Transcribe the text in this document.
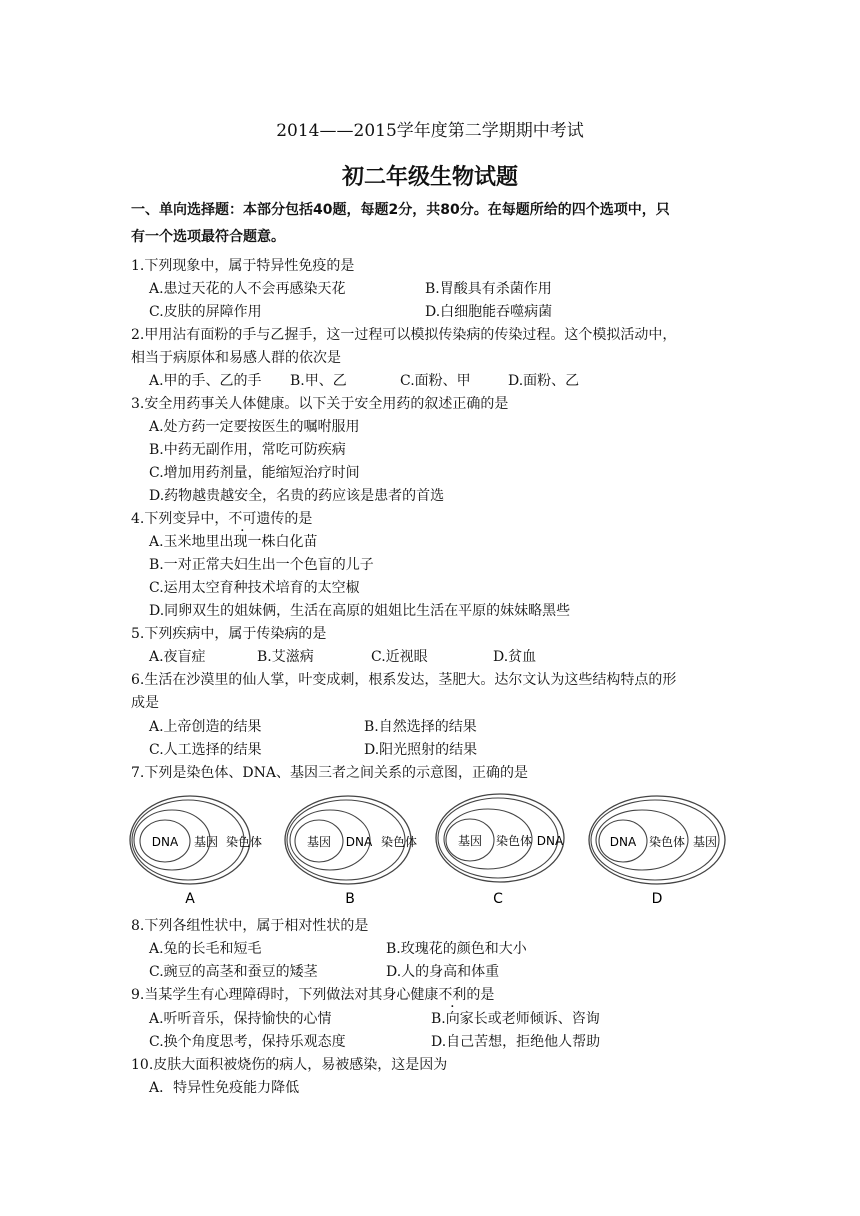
2014——2015学年度第二学期期中考试
初二年级生物试题
一、单向选择题：本部分包括40题，每题2分，共80分。在每题所给的四个选项中，只
有一个选项最符合题意。
1.下列现象中，属于特异性免疫的是
A.患过天花的人不会再感染天花	B.胃酸具有杀菌作用
C.皮肤的屏障作用	D.白细胞能吞噬病菌
2.甲用沾有面粉的手与乙握手，这一过程可以模拟传染病的传染过程。这个模拟活动中，
相当于病原体和易感人群的依次是
A.甲的手、乙的手 B.甲、乙	C.面粉、甲	D.面粉、乙
3.安全用药事关人体健康。以下关于安全用药的叙述正确的是
A.处方药一定要按医生的嘱咐服用
B.中药无副作用，常吃可防疾病
C.增加用药剂量，能缩短治疗时间
D.药物越贵越安全，名贵的药应该是患者的首选
4.下列变异中，不可遗传的是
A.玉米地里出现一株白化苗
B.一对正常夫妇生出一个色盲的儿子
C.运用太空育种技术培育的太空椒
D.同卵双生的姐妹俩，生活在高原的姐姐比生活在平原的妹妹略黑些
5.下列疾病中，属于传染病的是
A.夜盲症	B.艾滋病	C.近视眼	D.贫血
6.生活在沙漠里的仙人掌，叶变成刺，根系发达，茎肥大。达尔文认为这些结构特点的形
成是
A.上帝创造的结果	B.自然选择的结果
C.人工选择的结果	D.阳光照射的结果
7.下列是染色体、DNA、基因三者之间关系的示意图，正确的是
DNA 基因 染色体
A
基因 DNA 染色体
B
基因 染色体 DNA
C
DNA 染色体 基因
D
8.下列各组性状中，属于相对性状的是
A.兔的长毛和短毛	B.玫瑰花的颜色和大小
C.豌豆的高茎和蚕豆的矮茎	D.人的身高和体重
9.当某学生有心理障碍时，下列做法对其身心健康不利的是
A.听听音乐，保持愉快的心情	B.向家长或老师倾诉、咨询
C.换个角度思考，保持乐观态度	D.自己苦想，拒绝他人帮助
10.皮肤大面积被烧伤的病人，易被感染，这是因为
A．特异性免疫能力降低
